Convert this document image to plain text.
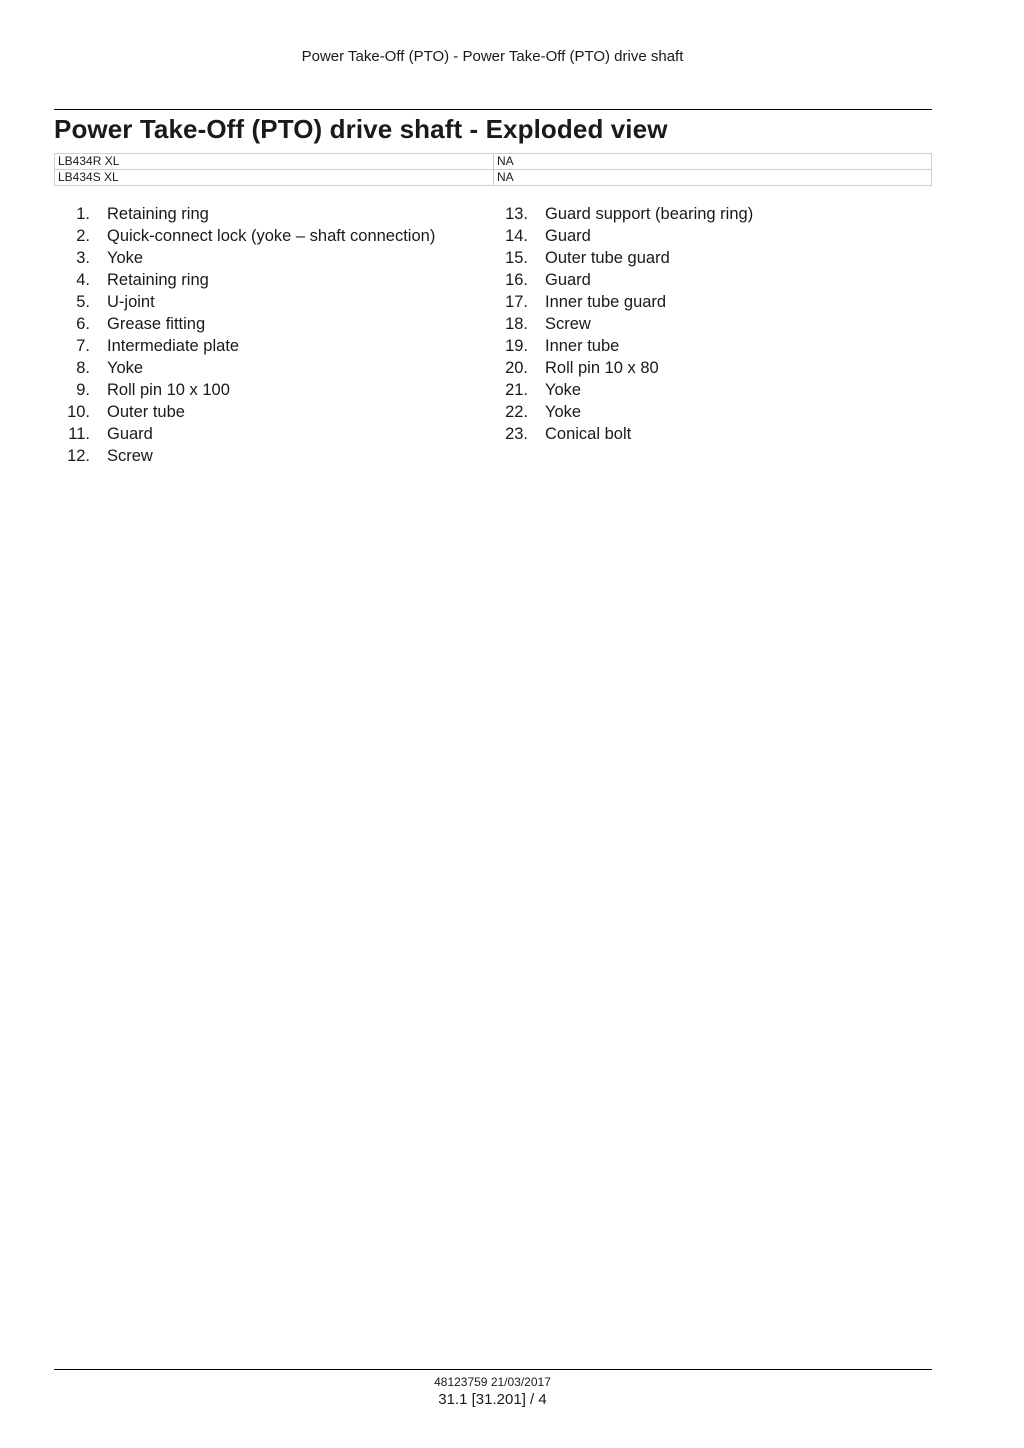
Power Take-Off (PTO) - Power Take-Off (PTO) drive shaft
Power Take-Off (PTO) drive shaft - Exploded view
LB434R XL	NA
LB434S XL	NA
1. Retaining ring
2. Quick-connect lock (yoke – shaft connection)
3. Yoke
4. Retaining ring
5. U-joint
6. Grease fitting
7. Intermediate plate
8. Yoke
9. Roll pin 10 x 100
10. Outer tube
11. Guard
12. Screw
13. Guard support (bearing ring)
14. Guard
15. Outer tube guard
16. Guard
17. Inner tube guard
18. Screw
19. Inner tube
20. Roll pin 10 x 80
21. Yoke
22. Yoke
23. Conical bolt
48123759 21/03/2017
31.1 [31.201] / 4
